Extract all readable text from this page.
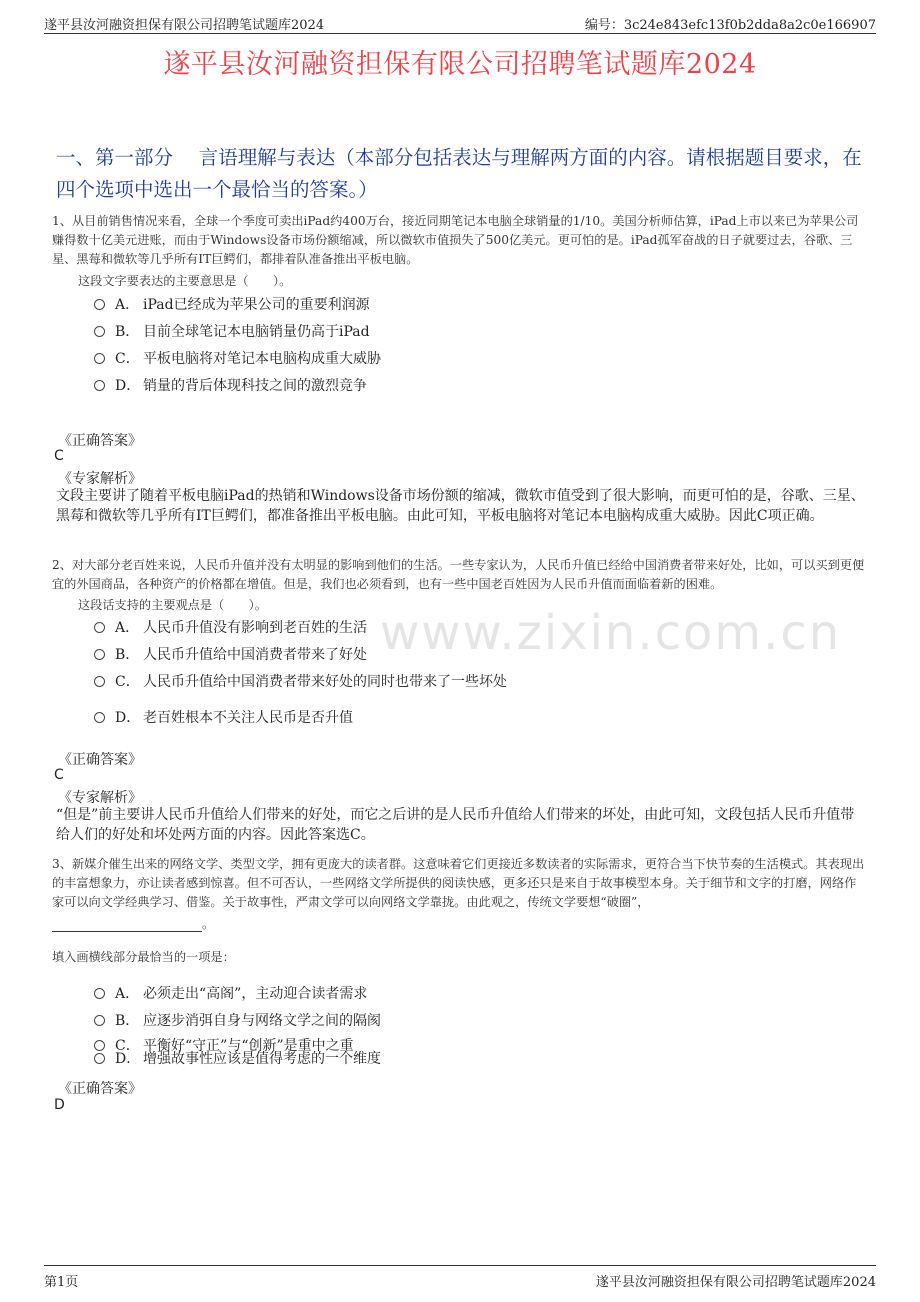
遂平县汝河融资担保有限公司招聘笔试题库2024	编号：3c24e843efc13f0b2dda8a2c0e166907
遂平县汝河融资担保有限公司招聘笔试题库2024
一、第一部分　 言语理解与表达（本部分包括表达与理解两方面的内容。请根据题目要求，在四个选项中选出一个最恰当的答案。）
www.zixin.com.cn
1、从目前销售情况来看，全球一个季度可卖出iPad约400万台，接近同期笔记本电脑全球销量的1/10。美国分析师估算，iPad上市以来已为苹果公司赚得数十亿美元进账，而由于Windows设备市场份额缩减，所以微软市值损失了500亿美元。更可怕的是。iPad孤军奋战的日子就要过去，谷歌、三星、黑莓和微软等几乎所有IT巨鳄们，都排着队准备推出平板电脑。
这段文字要表达的主要意思是（　　）。
A． iPad已经成为苹果公司的重要利润源
B． 目前全球笔记本电脑销量仍高于iPad
C． 平板电脑将对笔记本电脑构成重大威胁
D． 销量的背后体现科技之间的激烈竞争
《正确答案》
C
《专家解析》
文段主要讲了随着平板电脑iPad的热销和Windows设备市场份额的缩减，微软市值受到了很大影响，而更可怕的是，谷歌、三星、黑莓和微软等几乎所有IT巨鳄们，都准备推出平板电脑。由此可知，平板电脑将对笔记本电脑构成重大威胁。因此C项正确。
2、对大部分老百姓来说，人民币升值并没有太明显的影响到他们的生活。一些专家认为，人民币升值已经给中国消费者带来好处，比如，可以买到更便宜的外国商品，各种资产的价格都在增值。但是，我们也必须看到，也有一些中国老百姓因为人民币升值而面临着新的困难。
这段话支持的主要观点是（　　）。
A． 人民币升值没有影响到老百姓的生活
B． 人民币升值给中国消费者带来了好处
C． 人民币升值给中国消费者带来好处的同时也带来了一些坏处
D． 老百姓根本不关注人民币是否升值
《正确答案》
C
《专家解析》
“但是”前主要讲人民币升值给人们带来的好处，而它之后讲的是人民币升值给人们带来的坏处，由此可知，文段包括人民币升值带给人们的好处和坏处两方面的内容。因此答案选C。
3、新媒介催生出来的网络文学、类型文学，拥有更庞大的读者群。这意味着它们更接近多数读者的实际需求，更符合当下快节奏的生活模式。其表现出的丰富想象力，亦让读者感到惊喜。但不可否认，一些网络文学所提供的阅读快感，更多还只是来自于故事模型本身。关于细节和文字的打磨，网络作家可以向文学经典学习、借鉴。关于故事性，严肃文学可以向网络文学靠拢。由此观之，传统文学要想“破圈”，
。
填入画横线部分最恰当的一项是：
A． 必须走出“高阁”，主动迎合读者需求
B． 应逐步消弭自身与网络文学之间的隔阂
C． 平衡好“守正”与“创新”是重中之重
D． 增强故事性应该是值得考虑的一个维度
《正确答案》
D
第1页	遂平县汝河融资担保有限公司招聘笔试题库2024
